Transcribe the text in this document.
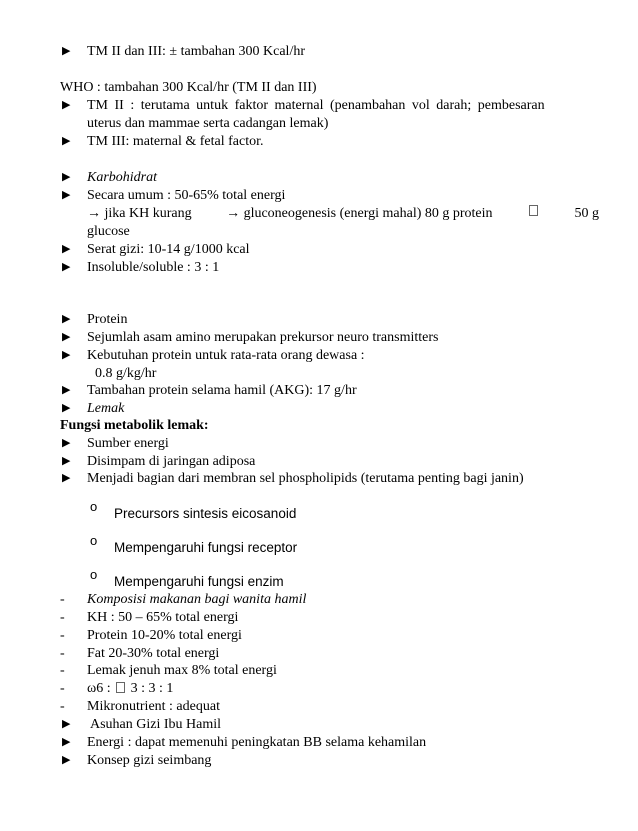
▶ TM II dan III: ± tambahan 300 Kcal/hr
WHO : tambahan 300 Kcal/hr (TM II dan III)
▶ TM II : terutama untuk faktor maternal (penambahan vol darah; pembesaran
uterus dan mammae serta cadangan lemak)
▶ TM III: maternal & fetal factor.
▶ Karbohidrat
▶ Secara umum : 50-65% total energi
→ jika KH kurang → gluconeogenesis (energi mahal) 80 g protein	50 g
glucose
▶ Serat gizi: 10-14 g/1000 kcal
▶ Insoluble/soluble : 3 : 1
▶ Protein
▶ Sejumlah asam amino merupakan prekursor neuro transmitters
▶ Kebutuhan protein untuk rata-rata orang dewasa :
0.8 g/kg/hr
▶ Tambahan protein selama hamil (AKG): 17 g/hr
▶ Lemak
Fungsi metabolik lemak:
▶ Sumber energi
▶ Disimpam di jaringan adiposa
▶ Menjadi bagian dari membran sel phospholipids (terutama penting bagi janin)
o Precursors sintesis eicosanoid
o Mempengaruhi fungsi receptor
o Mempengaruhi fungsi enzim
- Komposisi makanan bagi wanita hamil
- KH : 50 – 65% total energi
- Protein 10-20% total energi
- Fat 20-30% total energi
- Lemak jenuh max 8% total energi
- ω6 : 3 : 3 : 1
- Mikronutrient : adequat
▶ Asuhan Gizi Ibu Hamil
▶ Energi : dapat memenuhi peningkatan BB selama kehamilan
▶ Konsep gizi seimbang
